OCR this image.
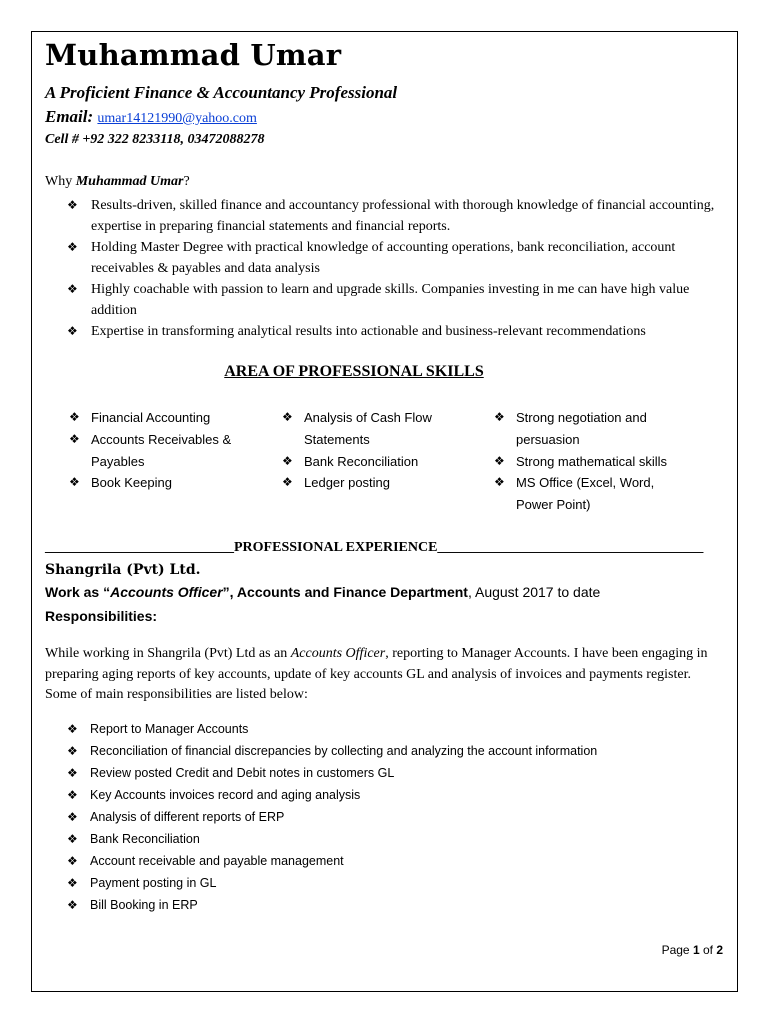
Muhammad Umar
A Proficient Finance & Accountancy Professional
Email: umar14121990@yahoo.com
Cell # +92 322 8233118, 03472088278
Why Muhammad Umar?
❖ Results-driven, skilled finance and accountancy professional with thorough knowledge of financial accounting, expertise in preparing financial statements and financial reports.
❖ Holding Master Degree with practical knowledge of accounting operations, bank reconciliation, account receivables & payables and data analysis
❖ Highly coachable with passion to learn and upgrade skills. Companies investing in me can have high value addition
❖ Expertise in transforming analytical results into actionable and business-relevant recommendations
AREA OF PROFESSIONAL SKILLS
❖ Financial Accounting
❖ Accounts Receivables & Payables
❖ Book Keeping
❖ Analysis of Cash Flow Statements
❖ Bank Reconciliation
❖ Ledger posting
❖ Strong negotiation and persuasion
❖ Strong mathematical skills
❖ MS Office (Excel, Word, Power Point)
___________________________PROFESSIONAL EXPERIENCE______________________________________
Shangrila (Pvt) Ltd.
Work as “Accounts Officer”, Accounts and Finance Department, August 2017 to date
Responsibilities:

While working in Shangrila (Pvt) Ltd as an Accounts Officer, reporting to Manager Accounts. I have been engaging in preparing aging reports of key accounts, update of key accounts GL and analysis of invoices and payments register. Some of main responsibilities are listed below:

❖ Report to Manager Accounts
❖ Reconciliation of financial discrepancies by collecting and analyzing the account information
❖ Review posted Credit and Debit notes in customers GL
❖ Key Accounts invoices record and aging analysis
❖ Analysis of different reports of ERP
❖ Bank Reconciliation
❖ Account receivable and payable management
❖ Payment posting in GL
❖ Bill Booking in ERP
Page 1 of 2
